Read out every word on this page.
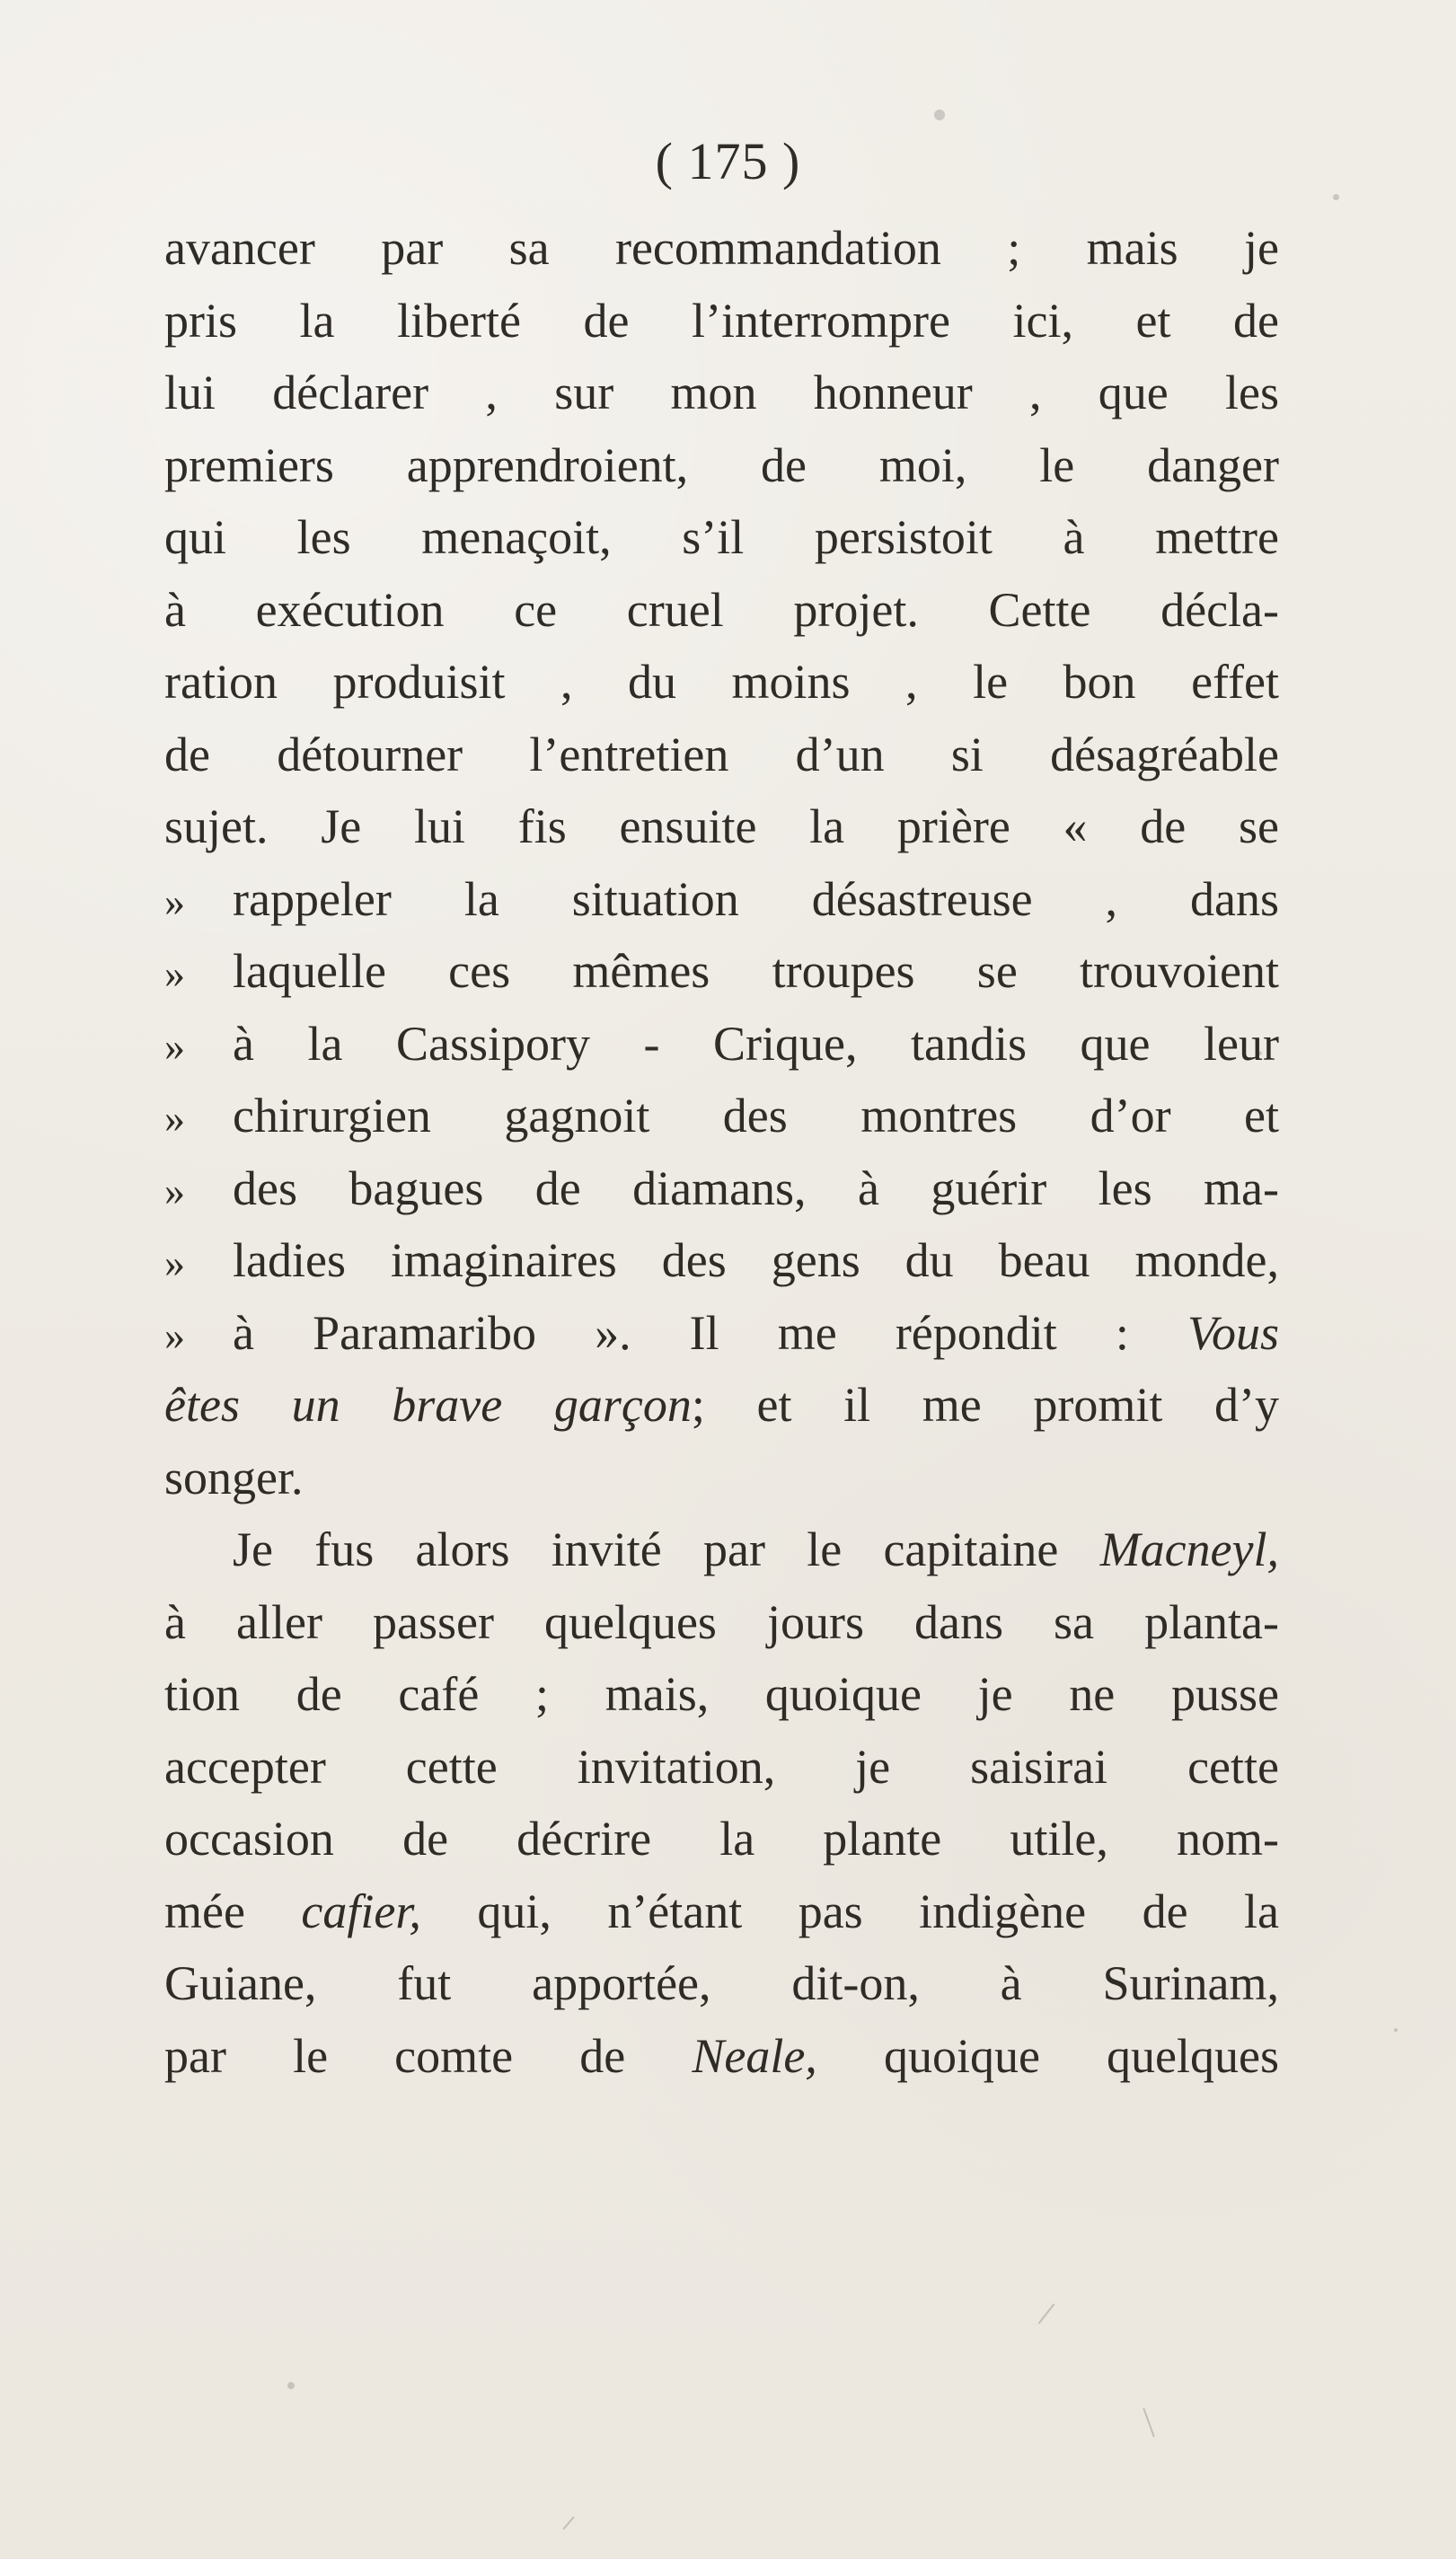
( 175 )
avancer par sa recommandation ; mais je
pris la liberté de l’interrompre ici, et de
lui déclarer , sur mon honneur , que les
premiers apprendroient, de moi, le danger
qui les menaçoit, s’il persistoit à mettre
à exécution ce cruel projet. Cette décla-
ration produisit , du moins , le bon effet
de détourner l’entretien d’un si désagréable
sujet. Je lui fis ensuite la prière « de se
» rappeler la situation désastreuse , dans
» laquelle ces mêmes troupes se trouvoient
» à la Cassipory - Crique, tandis que leur
» chirurgien gagnoit des montres d’or et
» des bagues de diamans, à guérir les ma-
» ladies imaginaires des gens du beau monde,
» à Paramaribo ». Il me répondit : Vous
êtes un brave garçon; et il me promit d’y
songer.
Je fus alors invité par le capitaine Macneyl,
à aller passer quelques jours dans sa planta-
tion de café ; mais, quoique je ne pusse
accepter cette invitation, je saisirai cette
occasion de décrire la plante utile, nom-
mée cafier, qui, n’étant pas indigène de la
Guiane, fut apportée, dit-on, à Surinam,
par le comte de Neale, quoique quelques
